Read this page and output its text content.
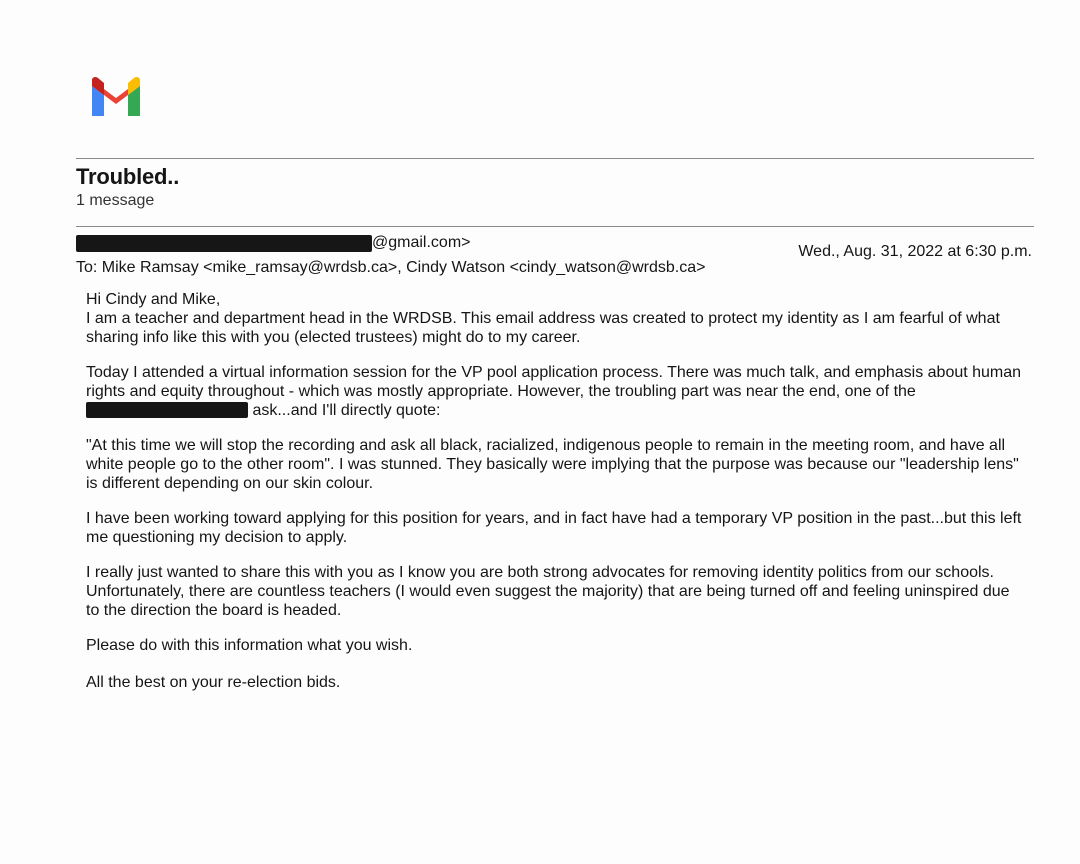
Troubled..
1 message
@gmail.com>
To: Mike Ramsay <mike_ramsay@wrdsb.ca>, Cindy Watson <cindy_watson@wrdsb.ca>
Wed., Aug. 31, 2022 at 6:30 p.m.

Hi Cindy and Mike,

I am a teacher and department head in the WRDSB. This email address was created to protect my identity as I am fearful of what sharing info like this with you (elected trustees) might do to my career.

Today I attended a virtual information session for the VP pool application process. There was much talk, and emphasis about human rights and equity throughout - which was mostly appropriate. However, the troubling part was near the end, one of the  ask...and I'll directly quote:

"At this time we will stop the recording and ask all black, racialized, indigenous people to remain in the meeting room, and have all white people go to the other room". I was stunned. They basically were implying that the purpose was because our "leadership lens" is different depending on our skin colour.

I have been working toward applying for this position for years, and in fact have had a temporary VP position in the past...but this left me questioning my decision to apply.

I really just wanted to share this with you as I know you are both strong advocates for removing identity politics from our schools. Unfortunately, there are countless teachers (I would even suggest the majority) that are being turned off and feeling uninspired due to the direction the board is headed.

Please do with this information what you wish.

All the best on your re-election bids.
